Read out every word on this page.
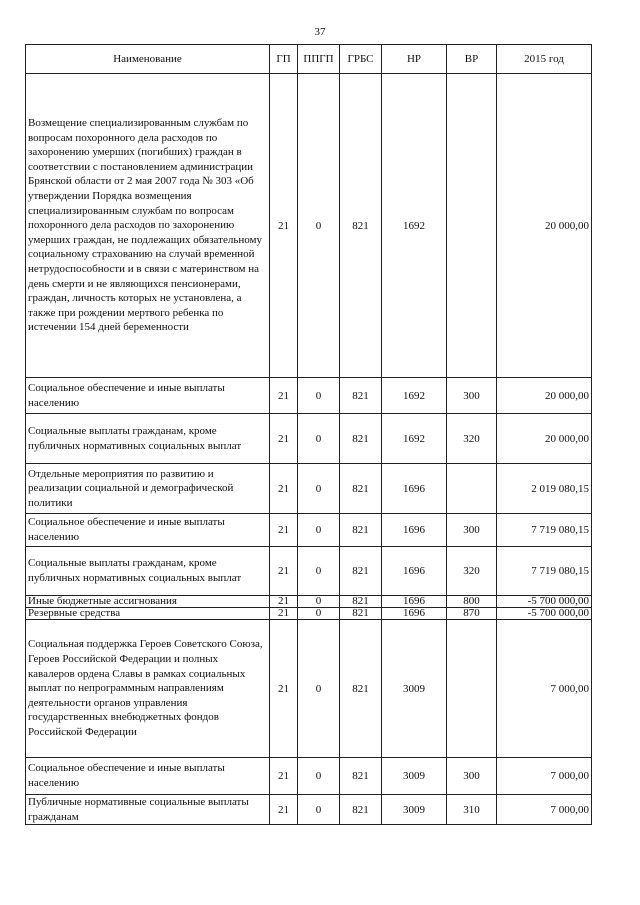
37
Наименование	ГП	ППГП	ГРБС	НР	ВР	2015 год
Возмещение специализированным службам по вопросам похоронного дела расходов по захоронению умерших (погибших) граждан в соответствии с постановлением администрации Брянской области от 2 мая 2007 года № 303 «Об утверждении Порядка возмещения специализированным службам по вопросам похоронного дела расходов по захоронению умерших граждан, не подлежащих обязательному социальному страхованию на случай временной нетрудоспособности и в связи с материнством на день смерти и не являющихся пенсионерами, граждан, личность которых не установлена, а также при рождении мертвого ребенка по истечении 154 дней беременности	21	0	821	1692		20 000,00
Социальное обеспечение и иные выплаты населению	21	0	821	1692	300	20 000,00
Социальные выплаты гражданам, кроме публичных нормативных социальных выплат	21	0	821	1692	320	20 000,00
Отдельные мероприятия по развитию и реализации социальной и демографической политики	21	0	821	1696		2 019 080,15
Социальное обеспечение и иные выплаты населению	21	0	821	1696	300	7 719 080,15
Социальные выплаты гражданам, кроме публичных нормативных социальных выплат	21	0	821	1696	320	7 719 080,15
Иные бюджетные ассигнования	21	0	821	1696	800	-5 700 000,00
Резервные средства	21	0	821	1696	870	-5 700 000,00
Социальная поддержка Героев Советского Союза, Героев Российской Федерации и полных кавалеров ордена Славы в рамках социальных выплат по непрограммным направлениям деятельности органов управления государственных внебюджетных фондов Российской Федерации	21	0	821	3009		7 000,00
Социальное обеспечение и иные выплаты населению	21	0	821	3009	300	7 000,00
Публичные нормативные социальные выплаты гражданам	21	0	821	3009	310	7 000,00
